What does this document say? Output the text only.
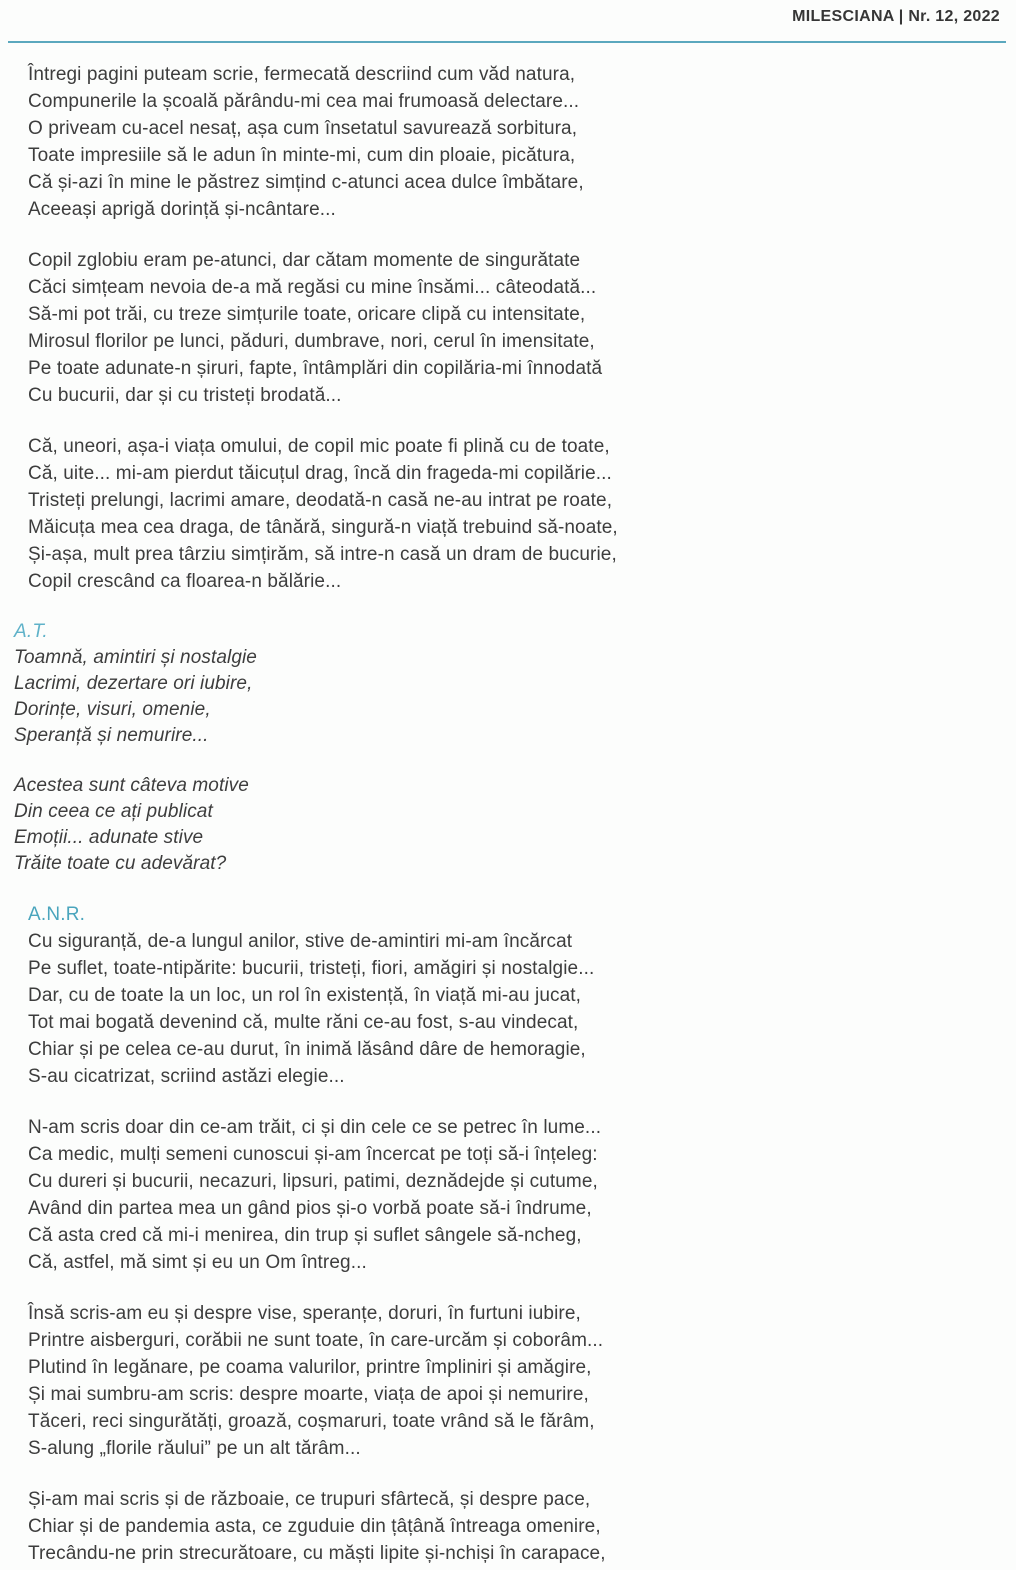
MILESCIANA | Nr. 12, 2022
Întregi pagini puteam scrie, fermecată descriind cum văd natura,
Compunerile la școală părându-mi cea mai frumoasă delectare...
O priveam cu-acel nesaț, așa cum însetatul savurează sorbitura,
Toate impresiile să le adun în minte-mi, cum din ploaie, picătura,
Că și-azi în mine le păstrez simțind c-atunci acea dulce îmbătare,
Aceeași aprigă dorință și-ncântare...
Copil zglobiu eram pe-atunci, dar cătam momente de singurătate
Căci simțeam nevoia de-a mă regăsi cu mine însămi... câteodată...
Să-mi pot trăi, cu treze simțurile toate, oricare clipă cu intensitate,
Mirosul florilor pe lunci, păduri, dumbrave, nori, cerul în imensitate,
Pe toate adunate-n șiruri, fapte, întâmplări din copilăria-mi înnodată
Cu bucurii, dar și cu tristeți brodată...
Că, uneori, așa-i viața omului, de copil mic poate fi plină cu de toate,
Că, uite... mi-am pierdut tăicuțul drag, încă din frageda-mi copilărie...
Tristeți prelungi, lacrimi amare, deodată-n casă ne-au intrat pe roate,
Măicuța mea cea draga, de tânără, singură-n viață trebuind să-noate,
Și-așa, mult prea târziu simțirăm, să intre-n casă un dram de bucurie,
Copil crescând ca floarea-n bălărie...
A.T.
Toamnă, amintiri și nostalgie
Lacrimi, dezertare ori iubire,
Dorințe, visuri, omenie,
Speranță și nemurire...
Acestea sunt câteva motive
Din ceea ce ați publicat
Emoții... adunate stive
Trăite toate cu adevărat?
A.N.R.
Cu siguranță, de-a lungul anilor, stive de-amintiri mi-am încărcat
Pe suflet, toate-ntipărite: bucurii, tristeți, fiori, amăgiri și nostalgie...
Dar, cu de toate la un loc, un rol în existență, în viață mi-au jucat,
Tot mai bogată devenind că, multe răni ce-au fost, s-au vindecat,
Chiar și pe celea ce-au durut, în inimă lăsând dâre de hemoragie,
S-au cicatrizat, scriind astăzi elegie...
N-am scris doar din ce-am trăit, ci și din cele ce se petrec în lume...
Ca medic, mulți semeni cunoscui și-am încercat pe toți să-i înțeleg:
Cu dureri și bucurii, necazuri, lipsuri, patimi, deznădejde și cutume,
Având din partea mea un gând pios și-o vorbă poate să-i îndrume,
Că asta cred că mi-i menirea, din trup și suflet sângele să-ncheg,
Că, astfel, mă simt și eu un Om întreg...
Însă scris-am eu și despre vise, speranțe, doruri, în furtuni iubire,
Printre aisberguri, corăbii ne sunt toate, în care-urcăm și coborâm...
Plutind în legănare, pe coama valurilor, printre împliniri și amăgire,
Și mai sumbru-am scris: despre moarte, viața de apoi și nemurire,
Tăceri, reci singurătăți, groază, coșmaruri, toate vrând să le fărâm,
S-alung „florile răului” pe un alt tărâm...
Și-am mai scris și de războaie, ce trupuri sfârtecă, și despre pace,
Chiar și de pandemia asta, ce zguduie din țâțână întreaga omenire,
Trecându-ne prin strecurătoare, cu măști lipite și-nchiși în carapace,
